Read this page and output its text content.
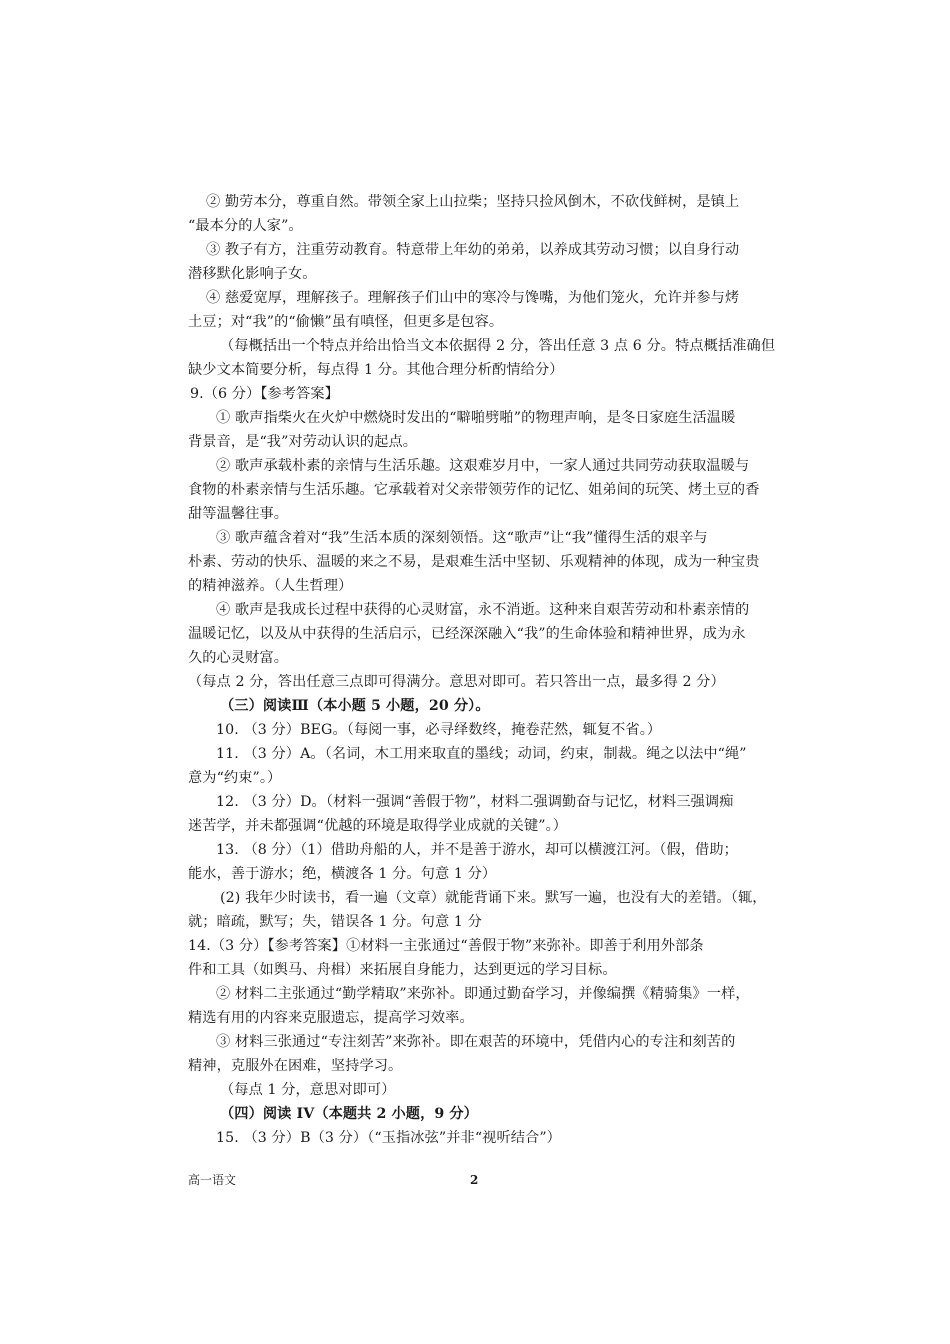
② 勤劳本分，尊重自然。带领全家上山拉柴；坚持只捡风倒木，不砍伐鲜树，是镇上
“最本分的人家”。
③ 教子有方，注重劳动教育。特意带上年幼的弟弟，以养成其劳动习惯；以自身行动
潜移默化影响子女。
④ 慈爱宽厚，理解孩子。理解孩子们山中的寒冷与馋嘴，为他们笼火，允许并参与烤
土豆；对“我”的“偷懒”虽有嗔怪，但更多是包容。
（每概括出一个特点并给出恰当文本依据得 2 分，答出任意 3 点 6 分。特点概括准确但
缺少文本简要分析，每点得 1 分。其他合理分析酌情给分）
9.（6 分）【参考答案】
① 歌声指柴火在火炉中燃烧时发出的“噼啪劈啪”的物理声响，是冬日家庭生活温暖
背景音，是“我”对劳动认识的起点。
② 歌声承载朴素的亲情与生活乐趣。这艰难岁月中，一家人通过共同劳动获取温暖与
食物的朴素亲情与生活乐趣。它承载着对父亲带领劳作的记忆、姐弟间的玩笑、烤土豆的香
甜等温馨往事。
③ 歌声蕴含着对“我”生活本质的深刻领悟。这“歌声”让“我”懂得生活的艰辛与
朴素、劳动的快乐、温暖的来之不易，是艰难生活中坚韧、乐观精神的体现，成为一种宝贵
的精神滋养。（人生哲理）
④ 歌声是我成长过程中获得的心灵财富，永不消逝。这种来自艰苦劳动和朴素亲情的
温暖记忆，以及从中获得的生活启示，已经深深融入“我”的生命体验和精神世界，成为永
久的心灵财富。
（每点 2 分，答出任意三点即可得满分。意思对即可。若只答出一点，最多得 2 分）
（三）阅读Ⅲ（本小题 5 小题，20 分）。
10. （3 分）BEG。（每阅一事，必寻绎数终，掩卷茫然，辄复不省。）
11. （3 分）A。（名词，木工用来取直的墨线；动词，约束，制裁。绳之以法中“绳”
意为“约束”。）
12. （3 分）D。（材料一强调“善假于物”，材料二强调勤奋与记忆，材料三强调痴
迷苦学，并未都强调“优越的环境是取得学业成就的关键”。）
13. （8 分）（1）借助舟船的人，并不是善于游水，却可以横渡江河。（假，借助；
能水，善于游水；绝，横渡各 1 分。句意 1 分）
(2) 我年少时读书，看一遍（文章）就能背诵下来。默写一遍，也没有大的差错。（辄，
就；暗疏，默写；失，错误各 1 分。句意 1 分
14.（3 分）【参考答案】①材料一主张通过“善假于物”来弥补。即善于利用外部条
件和工具（如舆马、舟楫）来拓展自身能力，达到更远的学习目标。
② 材料二主张通过“勤学精取”来弥补。即通过勤奋学习，并像编撰《精骑集》一样，
精选有用的内容来克服遗忘，提高学习效率。
③ 材料三张通过“专注刻苦”来弥补。即在艰苦的环境中，凭借内心的专注和刻苦的
精神，克服外在困难，坚持学习。
（每点 1 分，意思对即可）
（四）阅读 IV（本题共 2 小题，9 分）
15. （3 分）B（3 分）（“玉指冰弦”并非“视听结合”）
高一语文	2
